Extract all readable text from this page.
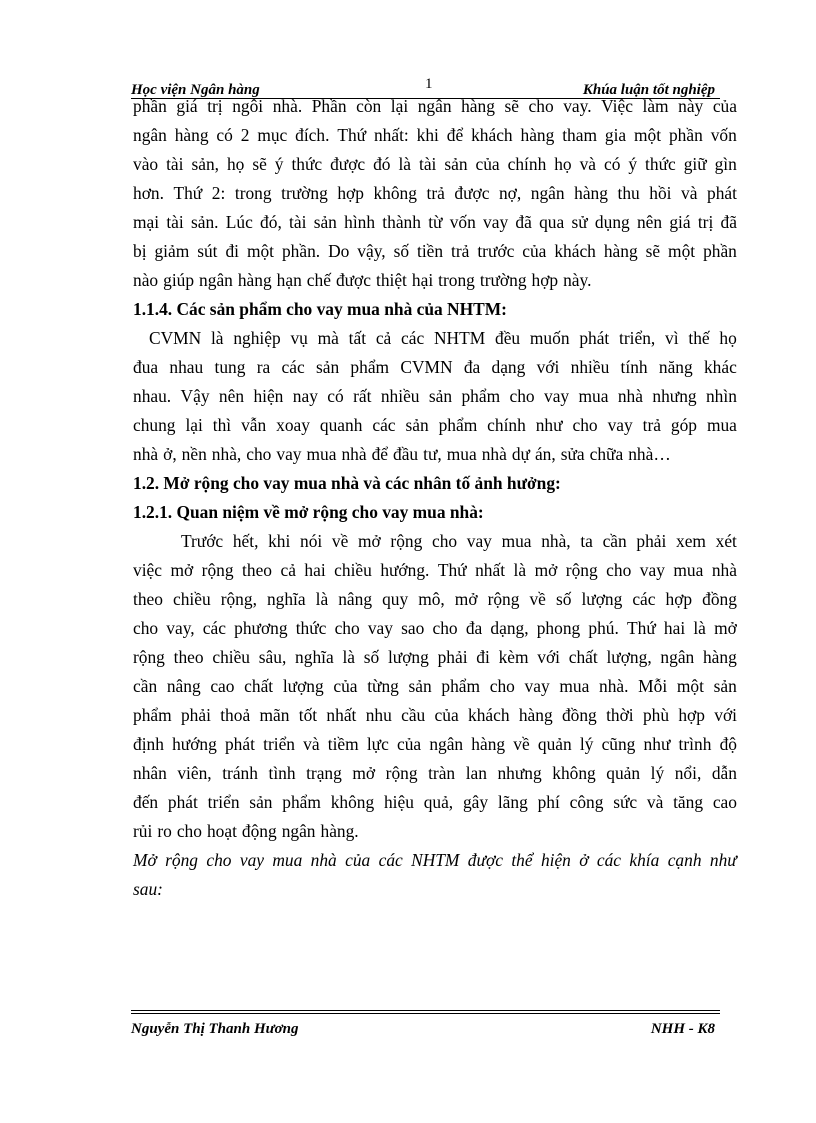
Học viện Ngân hàng	1	Khúa luận tốt nghiệp
phần giá trị ngôi nhà. Phần còn lại ngân hàng sẽ cho vay. Việc làm này của
ngân hàng có 2 mục đích. Thứ nhất: khi để khách hàng tham gia một phần vốn
vào tài sản, họ sẽ ý thức được đó là tài sản của chính họ và có ý thức giữ gìn
hơn. Thứ 2: trong trường hợp không trả được nợ, ngân hàng thu hồi và phát
mại tài sản. Lúc đó, tài sản hình thành từ vốn vay đã qua sử dụng nên giá trị đã
bị giảm sút đi một phần. Do vậy, số tiền trả trước của khách hàng sẽ một phần
nào giúp ngân hàng hạn chế được thiệt hại trong trường hợp này.
1.1.4. Các sản phẩm cho vay mua nhà của NHTM:
CVMN là nghiệp vụ mà tất cả các NHTM đều muốn phát triển, vì thế họ
đua nhau tung ra các sản phẩm CVMN đa dạng với nhiều tính năng khác
nhau. Vậy nên hiện nay có rất nhiều sản phẩm cho vay mua nhà nhưng nhìn
chung lại thì vẫn xoay quanh các sản phẩm chính như cho vay trả góp mua
nhà ở, nền nhà, cho vay mua nhà để đầu tư, mua nhà dự án, sửa chữa nhà…
1.2. Mở rộng cho vay mua nhà và các nhân tố ảnh hưởng:
1.2.1. Quan niệm về mở rộng cho vay mua nhà:
Trước hết, khi nói về mở rộng cho vay mua nhà, ta cần phải xem xét
việc mở rộng theo cả hai chiều hướng. Thứ nhất là mở rộng cho vay mua nhà
theo chiều rộng, nghĩa là nâng quy mô, mở rộng về số lượng các hợp đồng
cho vay, các phương thức cho vay sao cho đa dạng, phong phú. Thứ hai là mở
rộng theo chiều sâu, nghĩa là số lượng phải đi kèm với chất lượng, ngân hàng
cần nâng cao chất lượng của từng sản phẩm cho vay mua nhà. Mỗi một sản
phẩm phải thoả mãn tốt nhất nhu cầu của khách hàng đồng thời phù hợp với
định hướng phát triển và tiềm lực của ngân hàng về quản lý cũng như trình độ
nhân viên, tránh tình trạng mở rộng tràn lan nhưng không quản lý nổi, dẫn
đến phát triển sản phẩm không hiệu quả, gây lãng phí công sức và tăng cao
rủi ro cho hoạt động ngân hàng.
Mở rộng cho vay mua nhà của các NHTM được thể hiện ở các khía cạnh như
sau:
Nguyễn Thị Thanh Hương	NHH - K8
